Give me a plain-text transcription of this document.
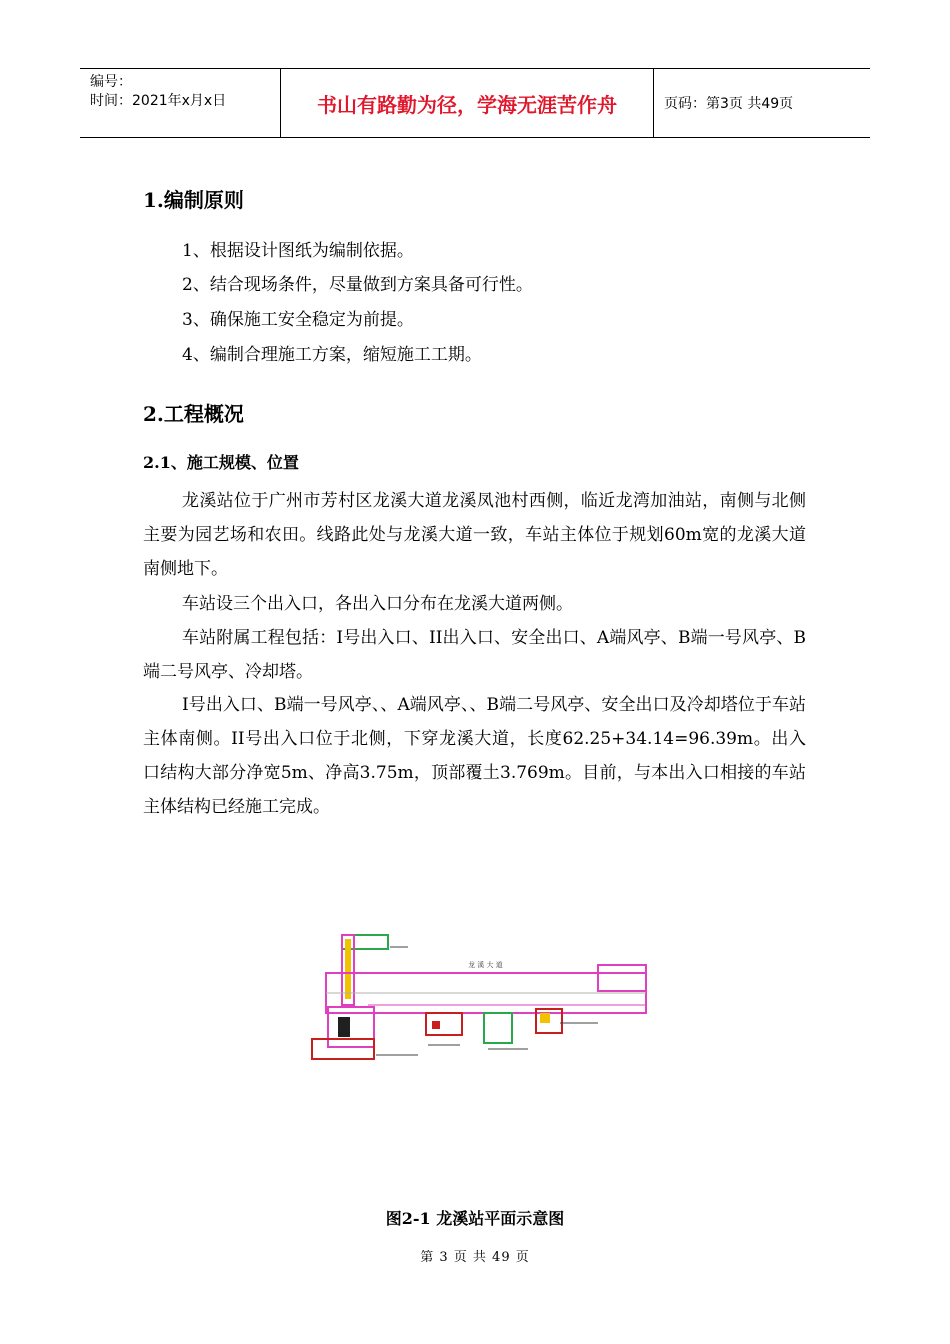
编号：
时间：2021年x月x日	书山有路勤为径，学海无涯苦作舟	页码：第3页 共49页
1.编制原则
1、根据设计图纸为编制依据。
2、结合现场条件，尽量做到方案具备可行性。
3、确保施工安全稳定为前提。
4、编制合理施工方案，缩短施工工期。
2.工程概况
2.1、施工规模、位置
龙溪站位于广州市芳村区龙溪大道龙溪凤池村西侧，临近龙湾加油站，南侧与北侧主要为园艺场和农田。线路此处与龙溪大道一致，车站主体位于规划60m宽的龙溪大道南侧地下。
车站设三个出入口，各出入口分布在龙溪大道两侧。
车站附属工程包括：I号出入口、II出入口、安全出口、A端风亭、B端一号风亭、B端二号风亭、冷却塔。
I号出入口、B端一号风亭、、A端风亭、、B端二号风亭、安全出口及冷却塔位于车站主体南侧。II号出入口位于北侧，下穿龙溪大道，长度62.25+34.14=96.39m。出入口结构大部分净宽5m、净高3.75m，顶部覆土3.769m。目前，与本出入口相接的车站主体结构已经施工完成。
龙 溪 大 道
图2-1 龙溪站平面示意图
第 3 页 共 49 页
